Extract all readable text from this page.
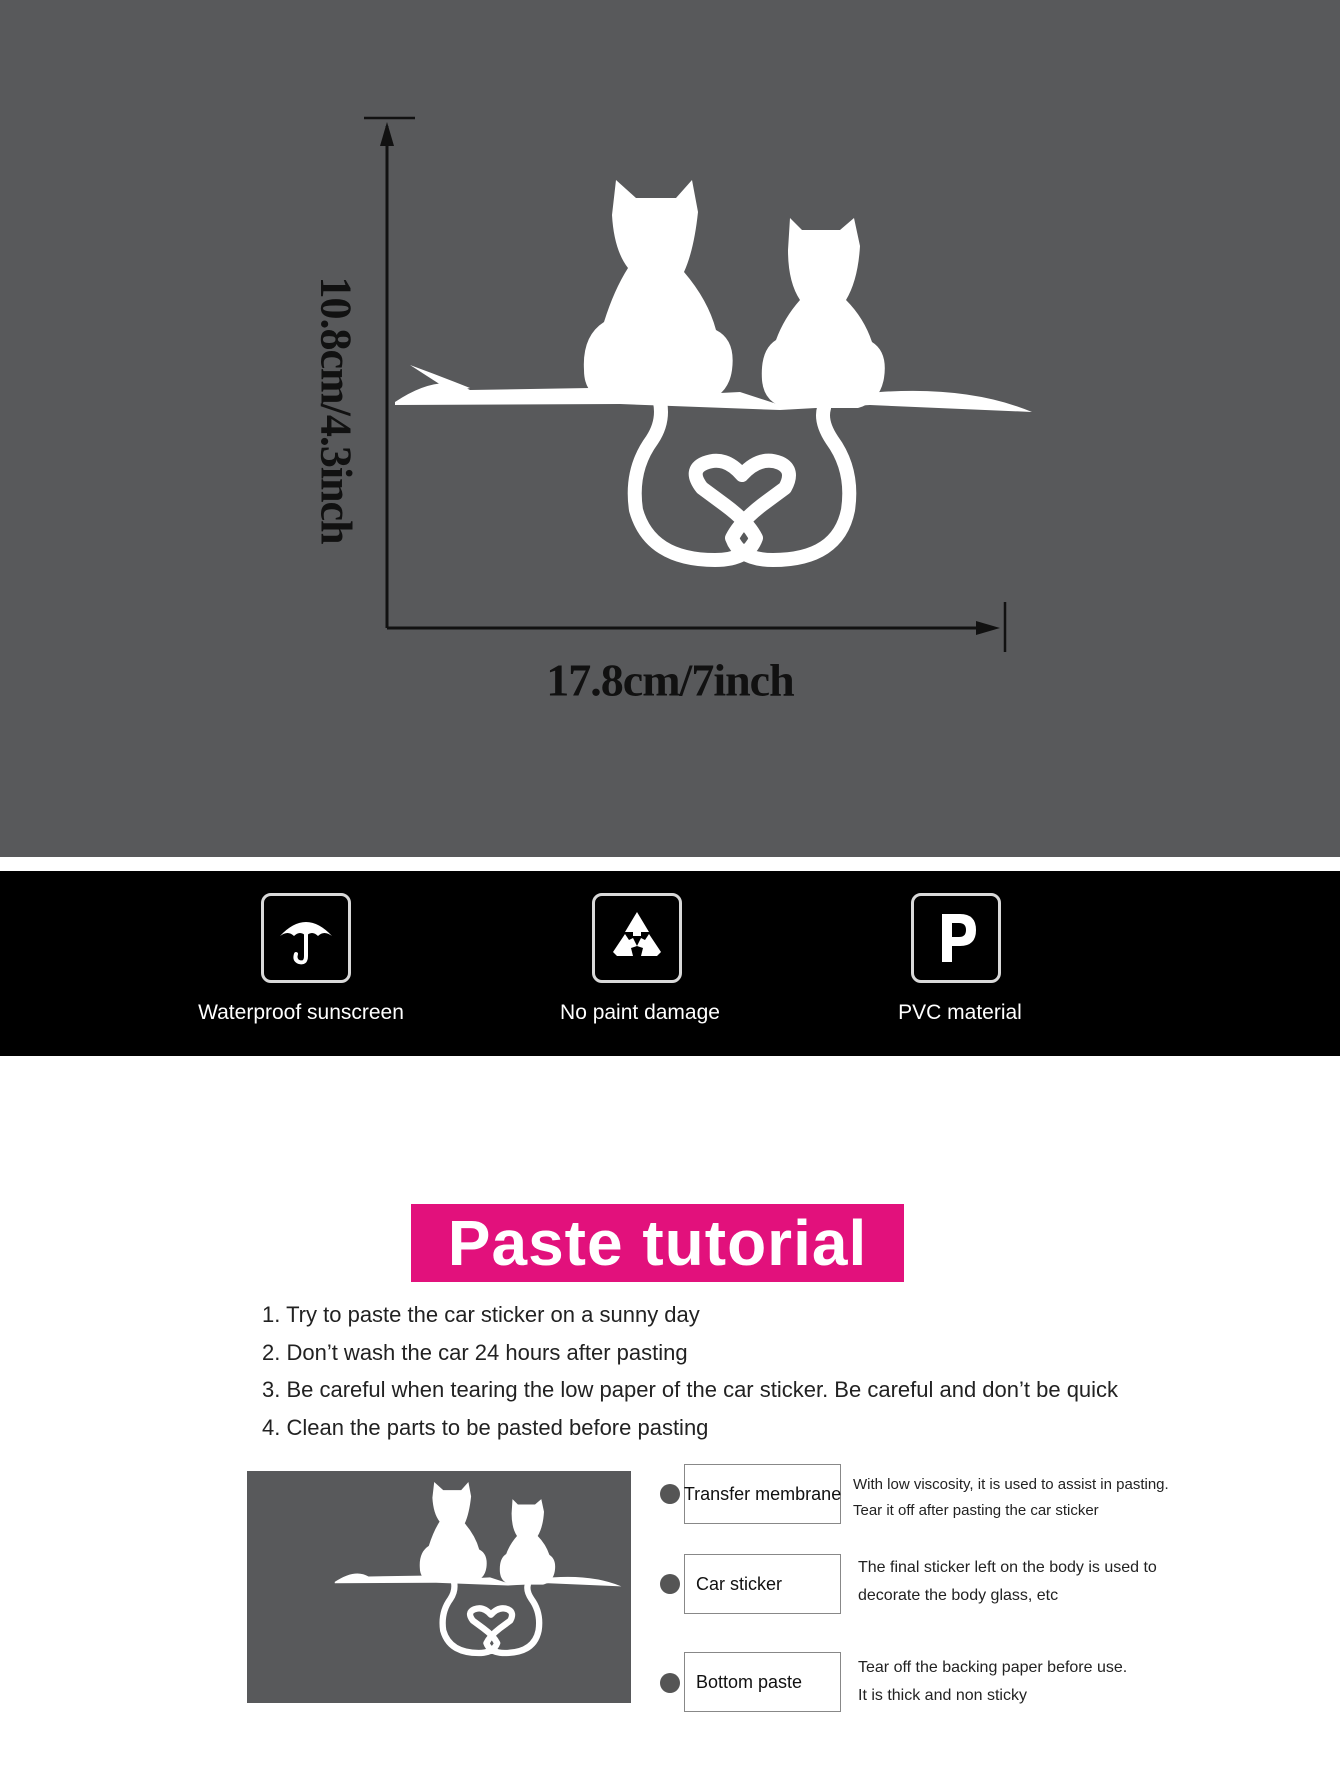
10.8cm/4.3inch
17.8cm/7inch
Waterproof sunscreen	No paint damage	PVC material
Paste tutorial
1. Try to paste the car sticker on a sunny day
2. Don’t wash the car 24 hours after pasting
3. Be careful when tearing the low paper of the car sticker. Be careful and don’t be quick
4. Clean the parts to be pasted before pasting
Transfer membrane With low viscosity, it is used to assist in pasting.
Tear it off after pasting the car sticker
Car sticker
The final sticker left on the body is used to
decorate the body glass, etc
Bottom paste
Tear off the backing paper before use.
It is thick and non sticky
